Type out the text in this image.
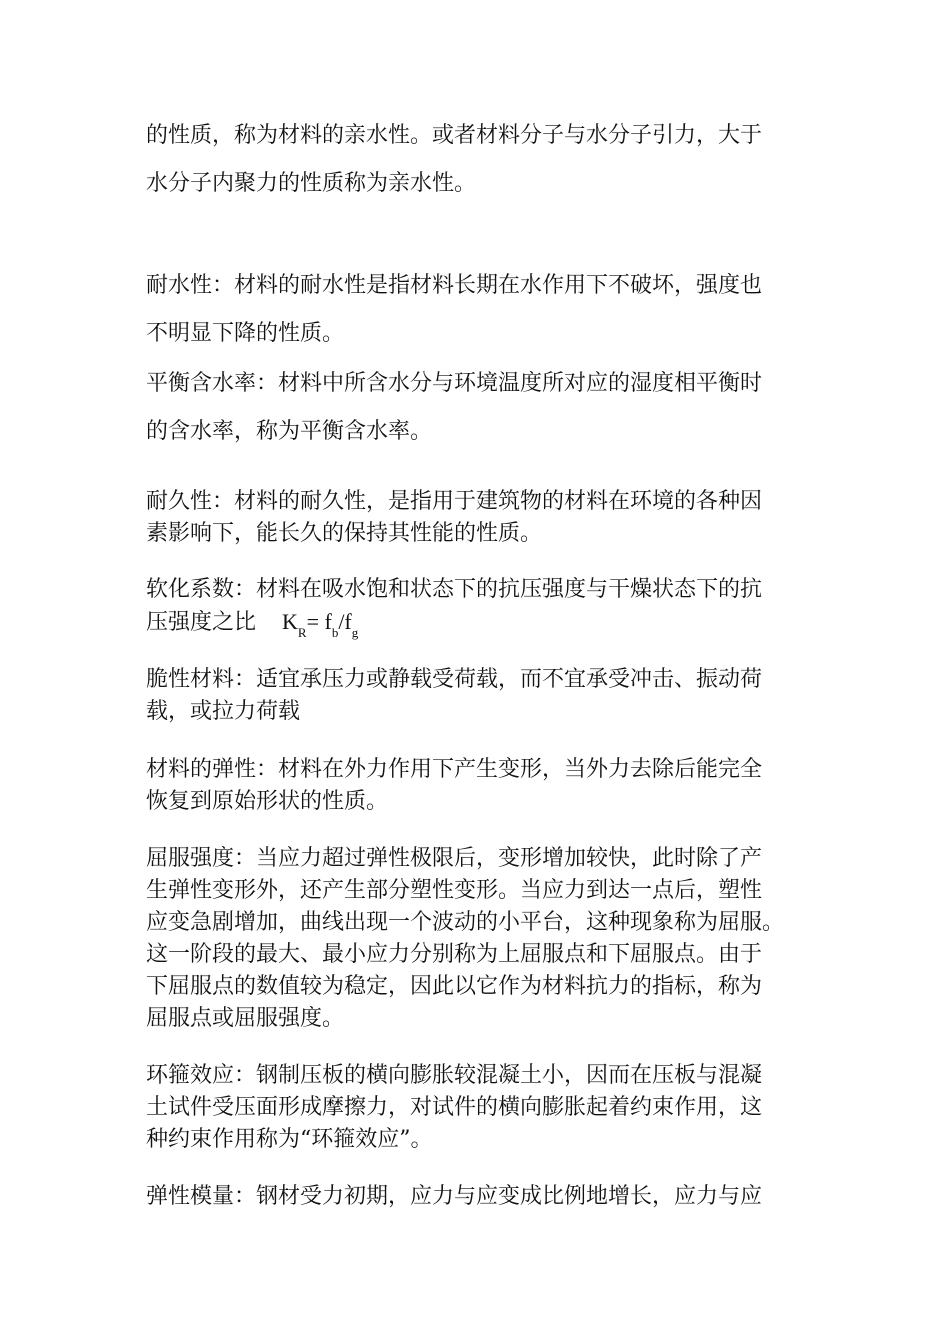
的性质，称为材料的亲水性。或者材料分子与水分子引力，大于
水分子内聚力的性质称为亲水性。
耐水性：材料的耐水性是指材料长期在水作用下不破坏，强度也
不明显下降的性质。
平衡含水率：材料中所含水分与环境温度所对应的湿度相平衡时
的含水率，称为平衡含水率。
耐久性：材料的耐久性，是指用于建筑物的材料在环境的各种因
素影响下，能长久的保持其性能的性质。
软化系数：材料在吸水饱和状态下的抗压强度与干燥状态下的抗
压强度之比 $K_R= f_b/f_g$
脆性材料：适宜承压力或静载受荷载，而不宜承受冲击、振动荷
载，或拉力荷载
材料的弹性：材料在外力作用下产生变形，当外力去除后能完全
恢复到原始形状的性质。
屈服强度：当应力超过弹性极限后，变形增加较快，此时除了产
生弹性变形外，还产生部分塑性变形。当应力到达一点后，塑性
应变急剧增加，曲线出现一个波动的小平台，这种现象称为屈服。
这一阶段的最大、最小应力分别称为上屈服点和下屈服点。由于
下屈服点的数值较为稳定，因此以它作为材料抗力的指标，称为
屈服点或屈服强度。
环箍效应：钢制压板的横向膨胀较混凝土小，因而在压板与混凝
土试件受压面形成摩擦力，对试件的横向膨胀起着约束作用，这
种约束作用称为“环箍效应”。
弹性模量：钢材受力初期，应力与应变成比例地增长，应力与应
